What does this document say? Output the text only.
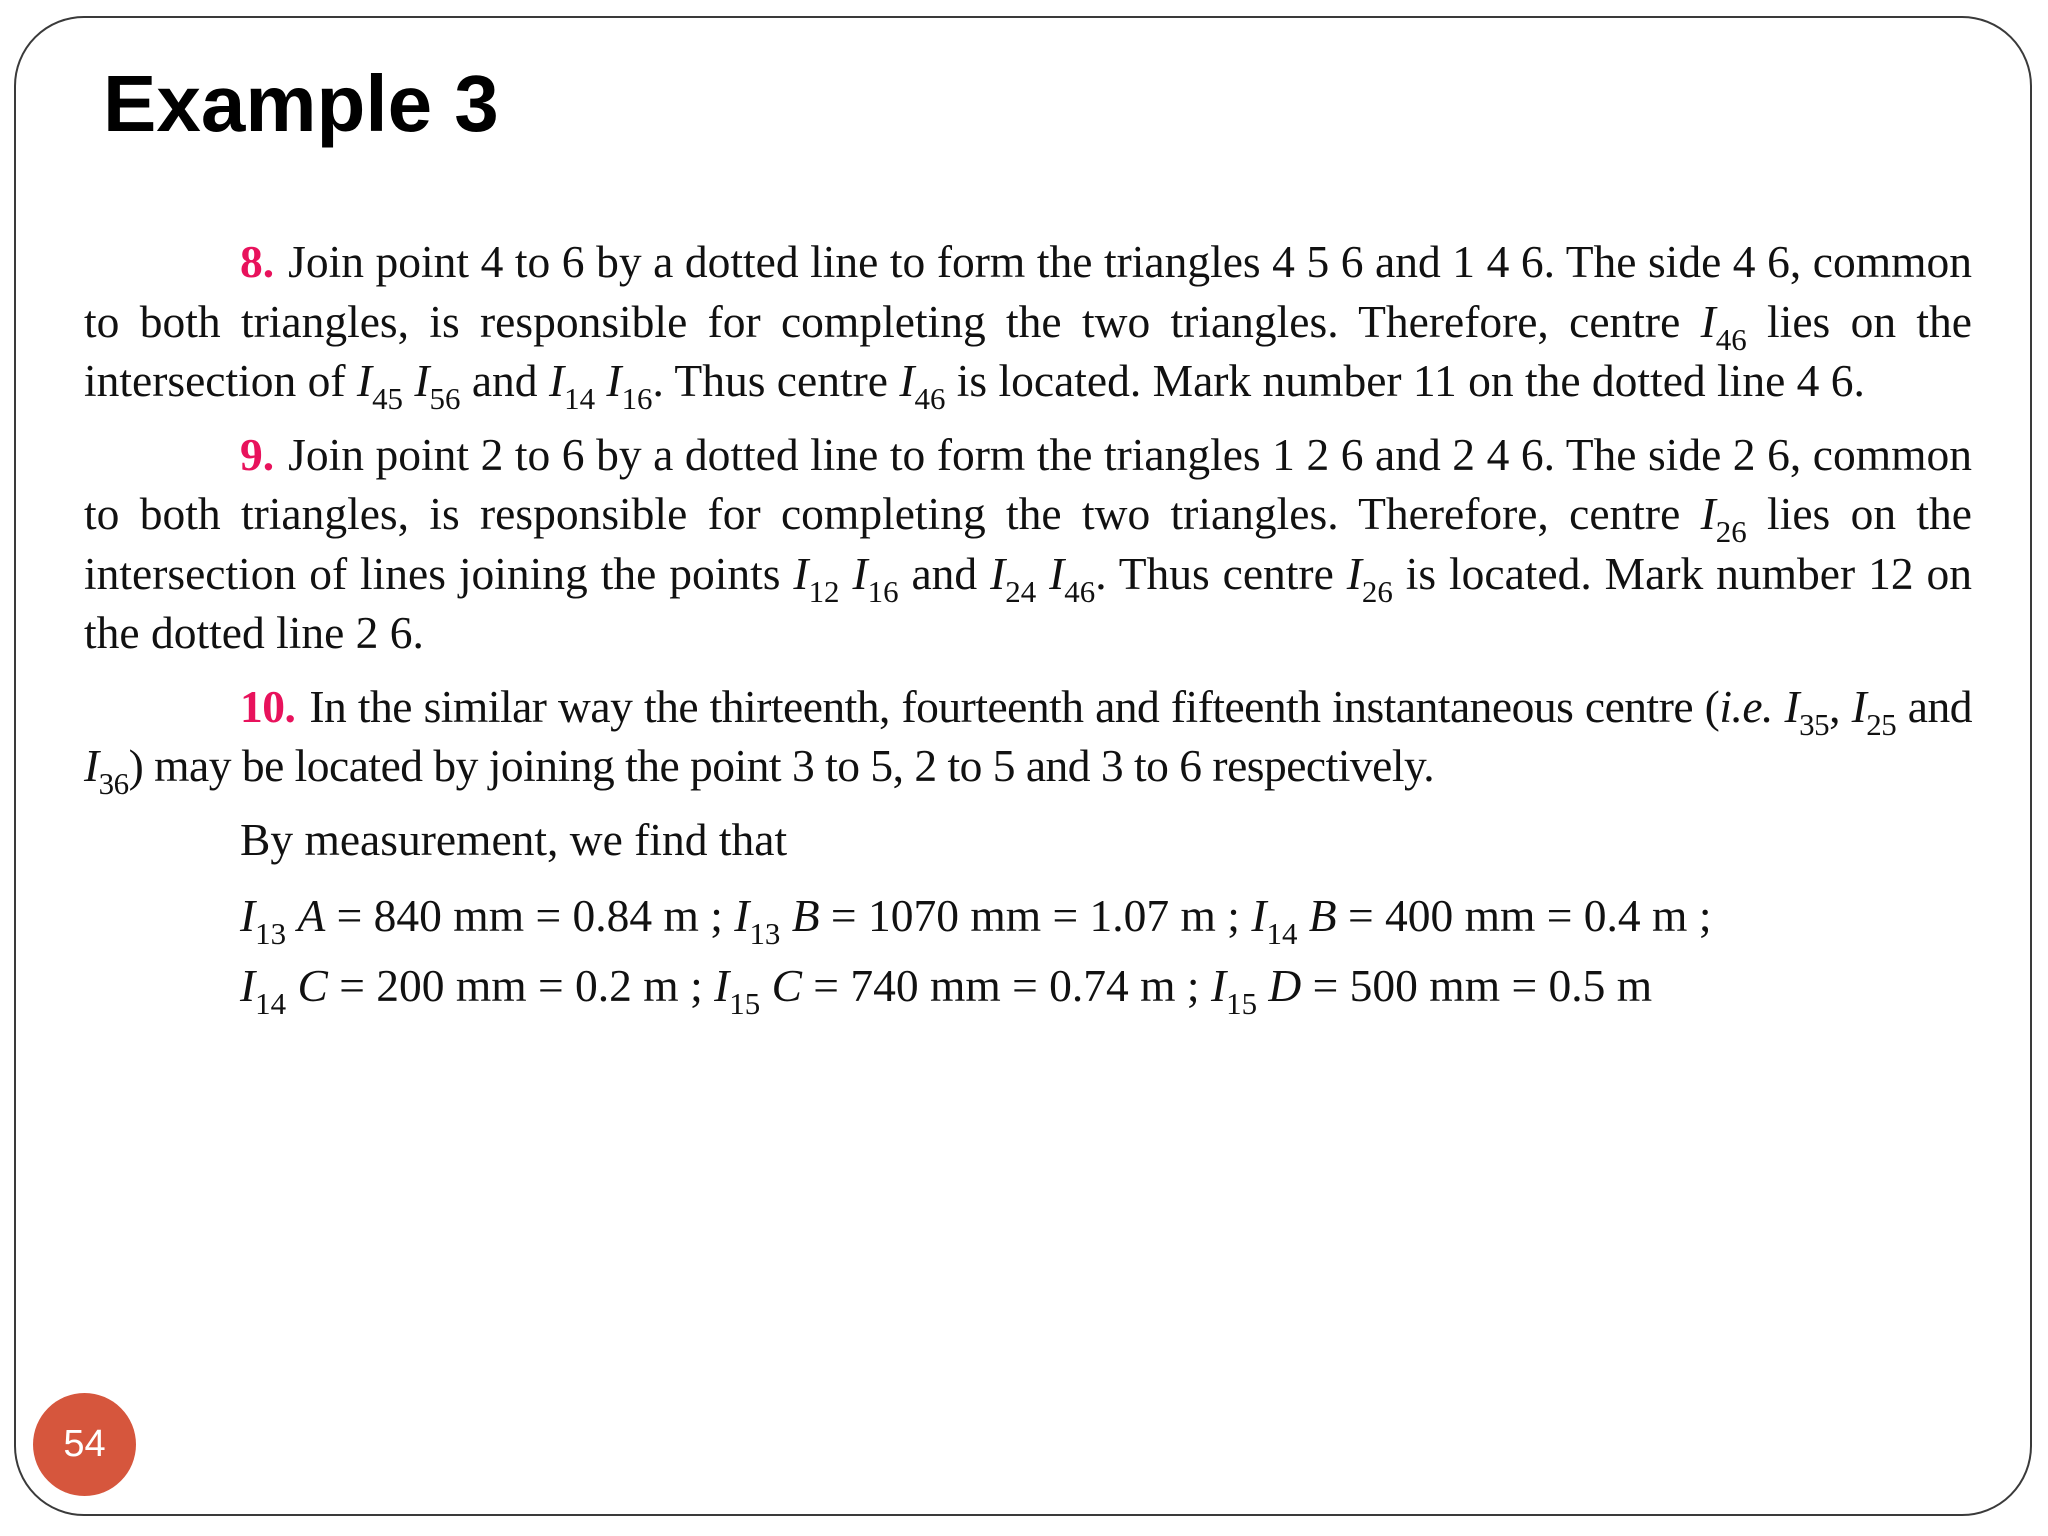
Example 3

8. Join point 4 to 6 by a dotted line to form the triangles 4 5 6 and 1 4 6. The side 4 6, common to both triangles, is responsible for completing the two triangles. Therefore, centre $I_{46}$ lies on the intersection of $I_{45}$ $I_{56}$ and $I_{14}$ $I_{16}$. Thus centre $I_{46}$ is located. Mark number 11 on the dotted line 4 6.

9. Join point 2 to 6 by a dotted line to form the triangles 1 2 6 and 2 4 6. The side 2 6, common to both triangles, is responsible for completing the two triangles. Therefore, centre $I_{26}$ lies on the intersection of lines joining the points $I_{12}$ $I_{16}$ and $I_{24}$ $I_{46}$. Thus centre $I_{26}$ is located. Mark number 12 on the dotted line 2 6.

10. In the similar way the thirteenth, fourteenth and fifteenth instantaneous centre (i.e. $I_{35}$, $I_{25}$ and $I_{36}$) may be located by joining the point 3 to 5, 2 to 5 and 3 to 6 respectively.

By measurement, we find that

$I_{13}$ A = 840 mm = 0.84 m ; $I_{13}$ B = 1070 mm = 1.07 m ; $I_{14}$ B = 400 mm = 0.4 m ;

$I_{14}$ C = 200 mm = 0.2 m ; $I_{15}$ C = 740 mm = 0.74 m ; $I_{15}$ D = 500 mm = 0.5 m

54
